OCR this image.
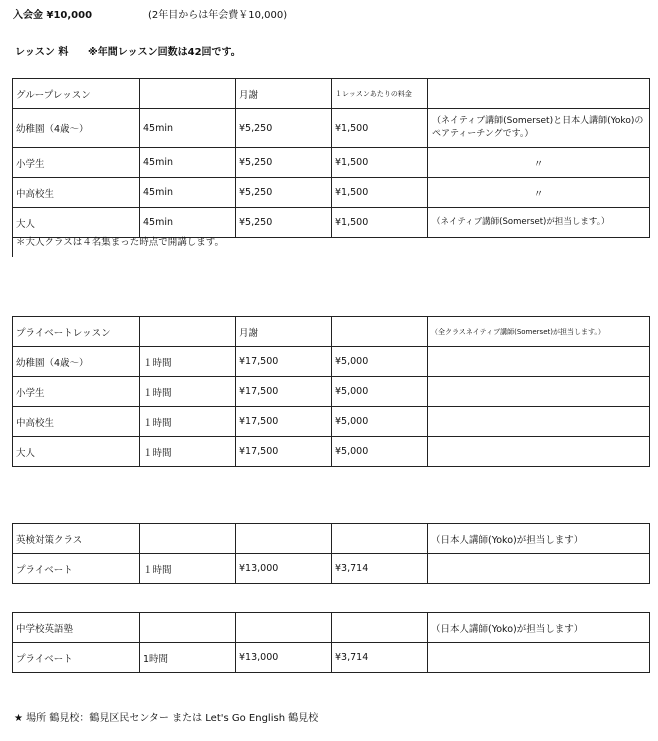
入会金 ¥10,000	(2年目からは年会費￥10,000)
レッスン 料 ※年間レッスン回数は42回です。
グループレッスン		月謝	１レッスンあたりの料金	
幼稚園（4歳～）	45min	¥5,250	¥1,500	（ネイティブ講師(Somerset)と日本人講師(Yoko)のペアティーチングです。）
小学生	45min	¥5,250	¥1,500	〃
中高校生	45min	¥5,250	¥1,500	〃
大人	45min	¥5,250	¥1,500	（ネイティブ講師(Somerset)が担当します。）
＊大人クラスは４名集まった時点で開講します。
プライベートレッスン		月謝		（全クラスネイティブ講師(Somerset)が担当します。）
幼稚園（4歳～）	１時間	¥17,500	¥5,000	
小学生	１時間	¥17,500	¥5,000	
中高校生	１時間	¥17,500	¥5,000	
大人	１時間	¥17,500	¥5,000	
英検対策クラス				（日本人講師(Yoko)が担当します）
プライベート	１時間	¥13,000	¥3,714	
中学校英語塾				（日本人講師(Yoko)が担当します）
プライベート	1時間	¥13,000	¥3,714	
★ 場所 鶴見校：鶴見区民センター または Let's Go English 鶴見校
